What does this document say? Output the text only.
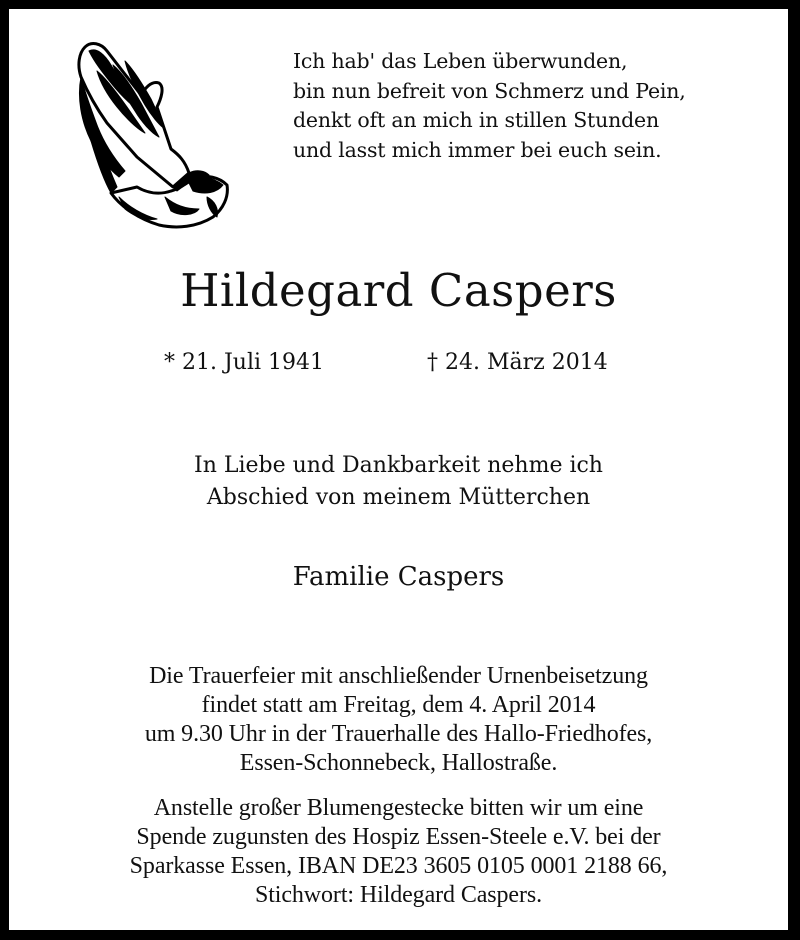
Ich hab' das Leben überwunden,
bin nun befreit von Schmerz und Pein,
denkt oft an mich in stillen Stunden
und lasst mich immer bei euch sein.
Hildegard Caspers
* 21. Juli 1941	† 24. März 2014
In Liebe und Dankbarkeit nehme ich
Abschied von meinem Mütterchen
Familie Caspers
Die Trauerfeier mit anschließender Urnenbeisetzung
findet statt am Freitag, dem 4. April 2014
um 9.30 Uhr in der Trauerhalle des Hallo-Friedhofes,
Essen-Schonnebeck, Hallostraße.
Anstelle großer Blumengestecke bitten wir um eine
Spende zugunsten des Hospiz Essen-Steele e.V. bei der
Sparkasse Essen, IBAN DE23 3605 0105 0001 2188 66,
Stichwort: Hildegard Caspers.
